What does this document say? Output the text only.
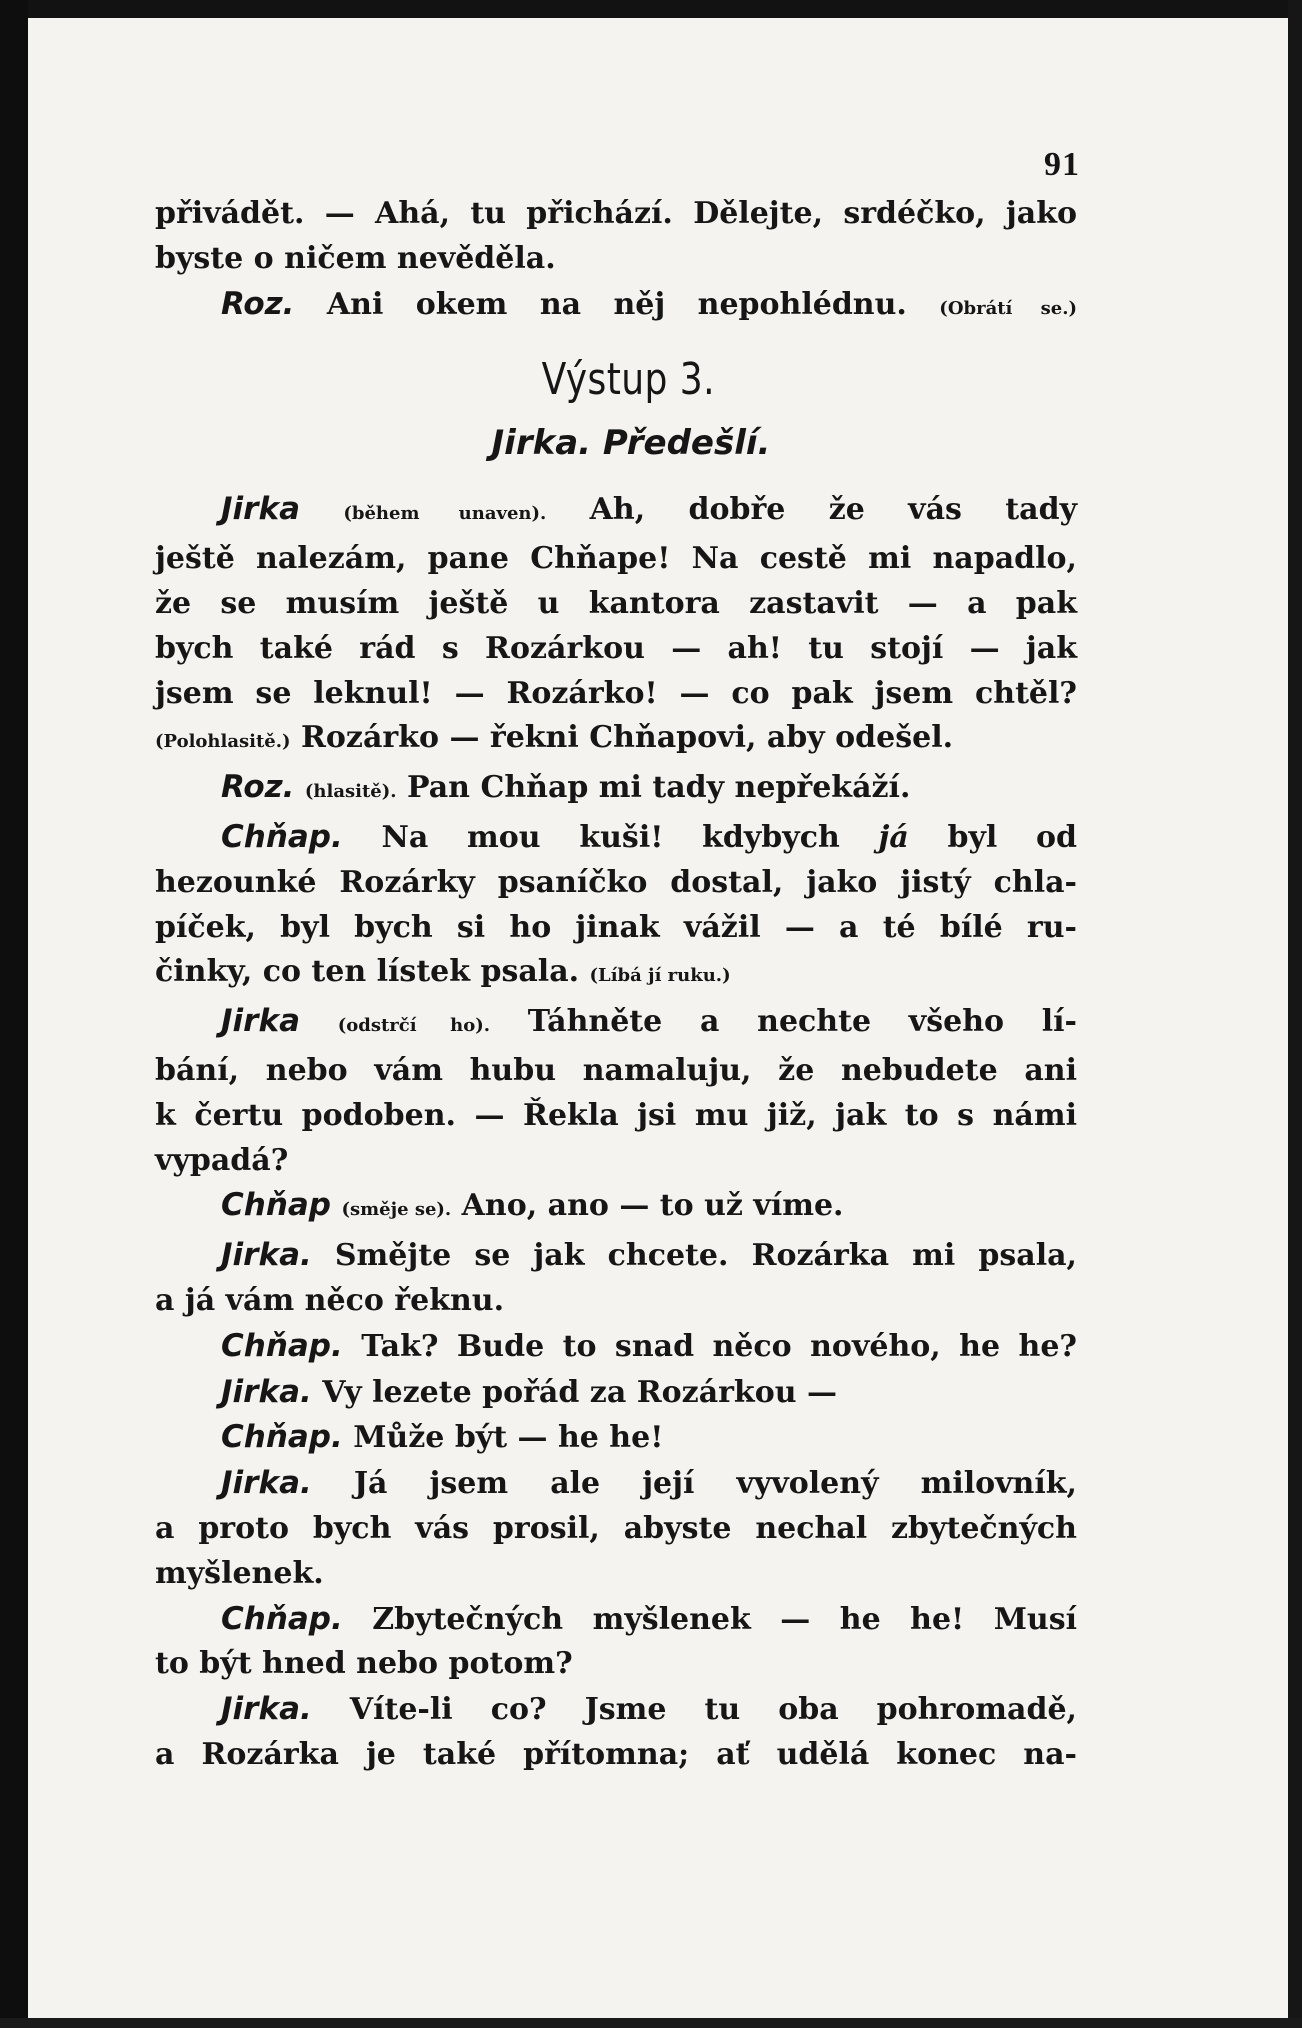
91
přivádět. — Ahá, tu přichází. Dělejte, srdéčko, jako
byste o ničem nevěděla.
Roz. Ani okem na něj nepohlédnu. (Obrátí se.)
Výstup 3.
Jirka. Předešlí.
Jirka (během unaven). Ah, dobře že vás tady
ještě nalezám, pane Chňape! Na cestě mi napadlo,
že se musím ještě u kantora zastavit — a pak
bych také rád s Rozárkou — ah! tu stojí — jak
jsem se leknul! — Rozárko! — co pak jsem chtěl?
(Polohlasitě.) Rozárko — řekni Chňapovi, aby odešel.
Roz. (hlasitě). Pan Chňap mi tady nepřekáží.
Chňap. Na mou kuši! kdybych já byl od
hezounké Rozárky psaníčko dostal, jako jistý chla-
píček, byl bych si ho jinak vážil — a té bílé ru-
činky, co ten lístek psala. (Líbá jí ruku.)
Jirka (odstrčí ho). Táhněte a nechte všeho lí-
bání, nebo vám hubu namaluju, že nebudete ani
k čertu podoben. — Řekla jsi mu již, jak to s námi
vypadá?
Chňap (směje se). Ano, ano — to už víme.
Jirka. Smějte se jak chcete. Rozárka mi psala,
a já vám něco řeknu.
Chňap. Tak? Bude to snad něco nového, he he?
Jirka. Vy lezete pořád za Rozárkou —
Chňap. Může být — he he!
Jirka. Já jsem ale její vyvolený milovník,
a proto bych vás prosil, abyste nechal zbytečných
myšlenek.
Chňap. Zbytečných myšlenek — he he! Musí
to být hned nebo potom?
Jirka. Víte-li co? Jsme tu oba pohromadě,
a Rozárka je také přítomna; ať udělá konec na-
